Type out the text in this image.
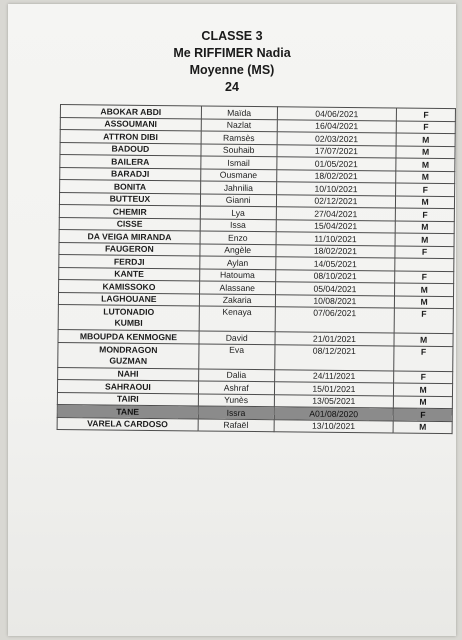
CLASSE 3
Me RIFFIMER Nadia
Moyenne (MS)
24
ABOKAR ABDI	Maïda	04/06/2021	F
ASSOUMANI	Nazlat	16/04/2021	F
ATTRON DIBI	Ramsès	02/03/2021	M
BADOUD	Souhaib	17/07/2021	M
BAILERA	Ismail	01/05/2021	M
BARADJI	Ousmane	18/02/2021	M
BONITA	Jahnilia	10/10/2021	F
BUTTEUX	Gianni	02/12/2021	M
CHEMIR	Lya	27/04/2021	F
CISSE	Issa	15/04/2021	M
DA VEIGA MIRANDA	Enzo	11/10/2021	M
FAUGERON	Angèle	18/02/2021	F
FERDJI	Aylan	14/05/2021	
KANTE	Hatouma	08/10/2021	F
KAMISSOKO	Alassane	05/04/2021	M
LAGHOUANE	Zakaria	10/08/2021	M
LUTONADIO
KUMBI	Kenaya	07/06/2021	F
MBOUPDA KENMOGNE	David	21/01/2021	M
MONDRAGON
GUZMAN	Eva	08/12/2021	F
NAHI	Dalia	24/11/2021	F
SAHRAOUI	Ashraf	15/01/2021	M
TAIRI	Yunès	13/05/2021	M
TANE	Issra	A01/08/2020	F
VARELA CARDOSO	Rafaël	13/10/2021	M
